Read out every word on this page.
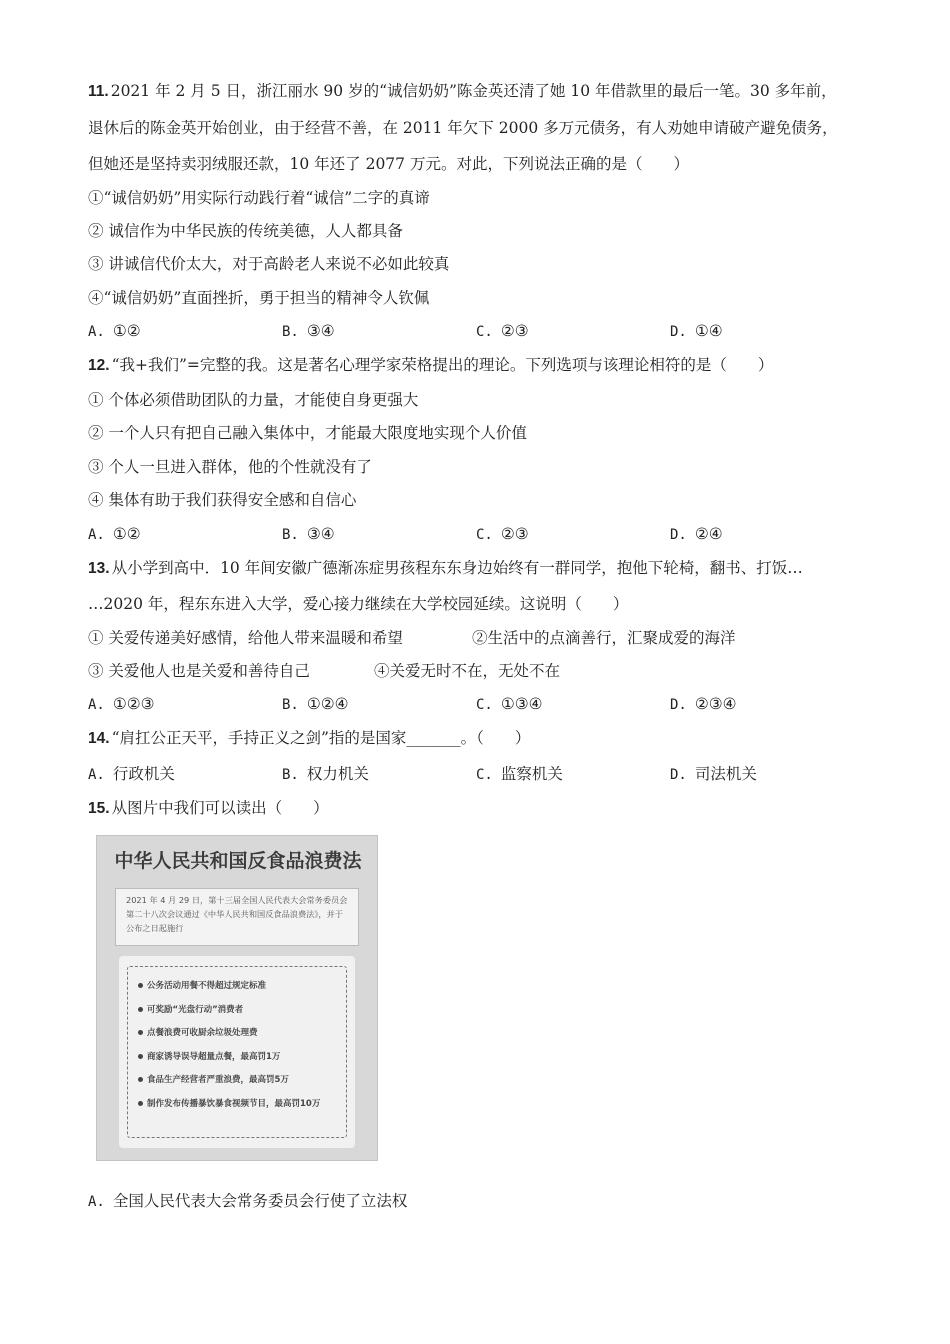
11. 2021 年 2 月 5 日，浙江丽水 90 岁的“诚信奶奶”陈金英还清了她 10 年借款里的最后一笔。30 多年前，
退休后的陈金英开始创业，由于经营不善，在 2011 年欠下 2000 多万元债务，有人劝她申请破产避免债务，
但她还是坚持卖羽绒服还款，10 年还了 2077 万元。对此，下列说法正确的是（　　）
①“诚信奶奶”用实际行动践行着“诚信”二字的真谛
② 诚信作为中华民族的传统美德，人人都具备
③ 讲诚信代价太大，对于高龄老人来说不必如此较真
④“诚信奶奶”直面挫折，勇于担当的精神令人钦佩
A. ①②	B. ③④	C. ②③	D. ①④
12. “我+我们”=完整的我。这是著名心理学家荣格提出的理论。下列选项与该理论相符的是（　　）
① 个体必须借助团队的力量，才能使自身更强大
② 一个人只有把自己融入集体中，才能最大限度地实现个人价值
③ 个人一旦进入群体，他的个性就没有了
④ 集体有助于我们获得安全感和自信心
A. ①②	B. ③④	C. ②③	D. ②④
13. 从小学到高中．10 年间安徽广德渐冻症男孩程东东身边始终有一群同学，抱他下轮椅，翻书、打饭…
…2020 年，程东东进入大学，爱心接力继续在大学校园延续。这说明（　　）
① 关爱传递美好感情，给他人带来温暖和希望	②生活中的点滴善行，汇聚成爱的海洋
③ 关爱他人也是关爱和善待自己	④关爱无时不在，无处不在
A. ①②③	B. ①②④	C. ①③④	D. ②③④
14. “肩扛公正天平，手持正义之剑”指的是国家_______。（　　）
A. 行政机关	B. 权力机关	C. 监察机关	D. 司法机关
15. 从图片中我们可以读出（　　）
中华人民共和国反食品浪费法
2021 年 4 月 29 日，第十三届全国人民代表大会常务委员会第二十八次会议通过《中华人民共和国反食品浪费法》，并于公布之日起施行
公务活动用餐不得超过规定标准
可奖励“光盘行动”消费者
点餐浪费可收厨余垃圾处理费
商家诱导误导超量点餐，最高罚1万
食品生产经营者严重浪费，最高罚5万
制作发布传播暴饮暴食视频节目，最高罚10万
A. 全国人民代表大会常务委员会行使了立法权
